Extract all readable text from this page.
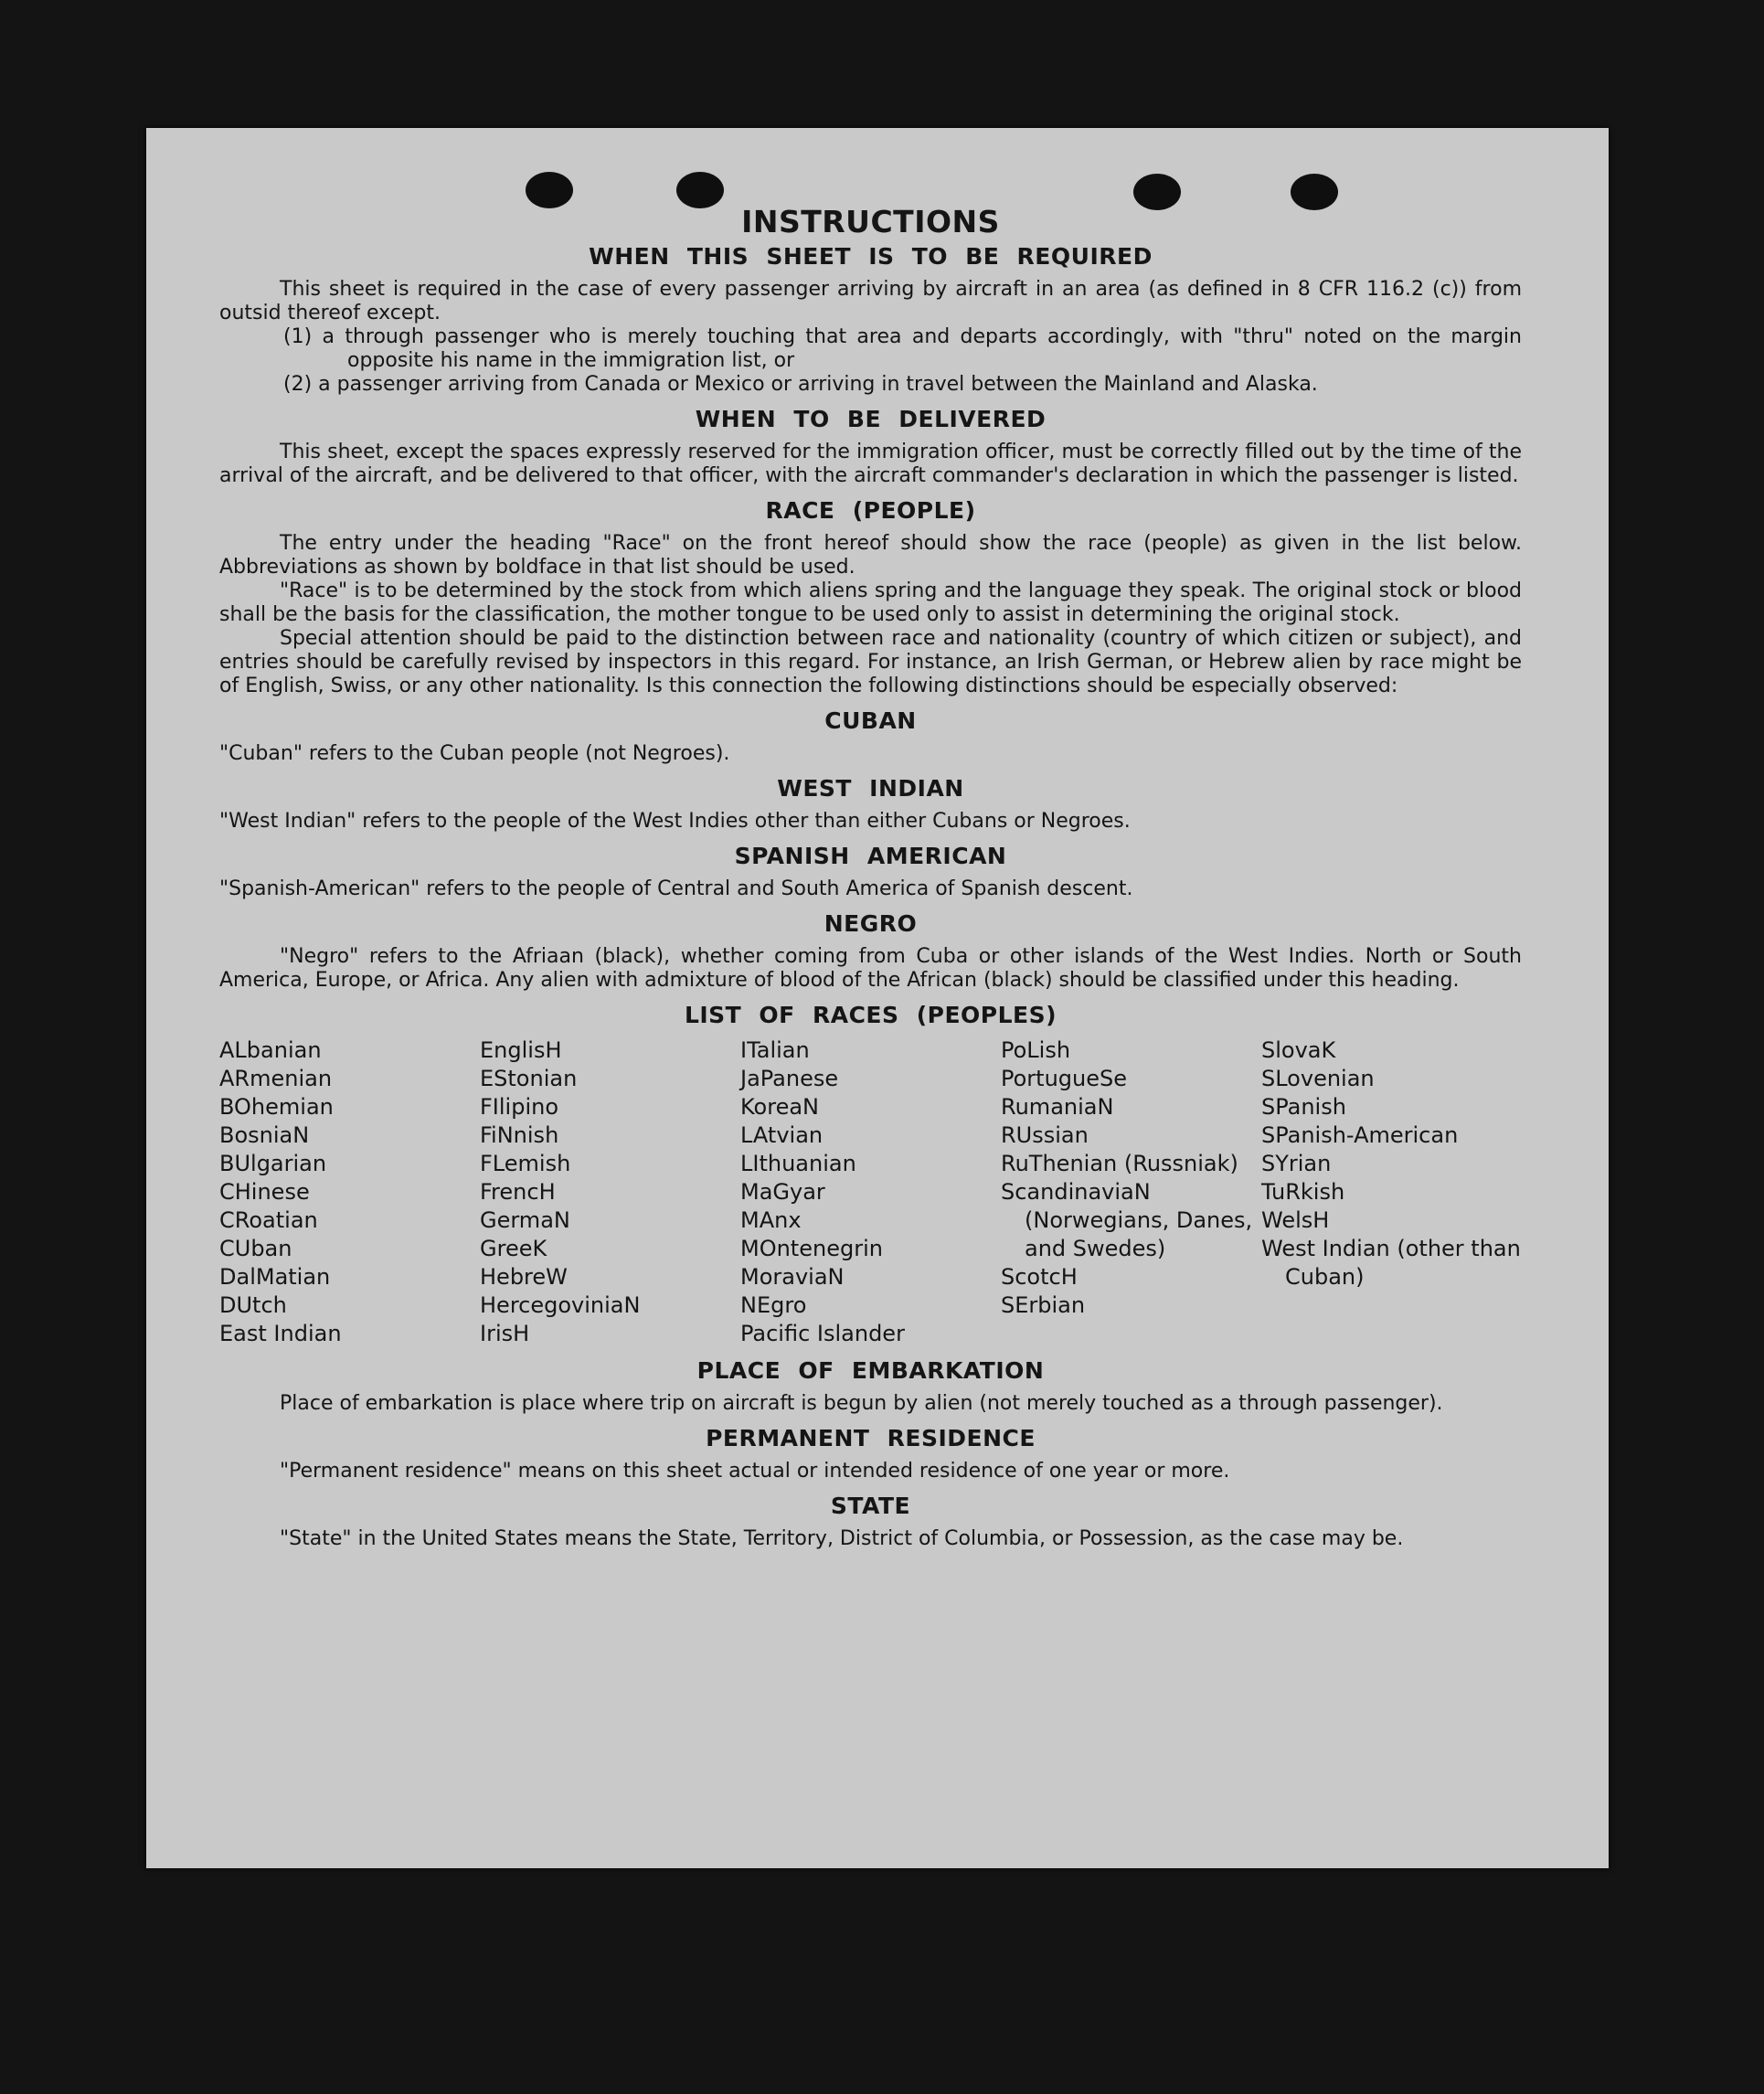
INSTRUCTIONS
WHEN THIS SHEET IS TO BE REQUIRED

This sheet is required in the case of every passenger arriving by aircraft in an area (as defined in 8 CFR 116.2 (c)) from outsid thereof except.

(1) a through passenger who is merely touching that area and departs accordingly, with "thru" noted on the margin opposite his name in the immigration list, or
(2) a passenger arriving from Canada or Mexico or arriving in travel between the Mainland and Alaska.
WHEN TO BE DELIVERED

This sheet, except the spaces expressly reserved for the immigration officer, must be correctly filled out by the time of the arrival of the aircraft, and be delivered to that officer, with the aircraft commander's declaration in which the passenger is listed.

RACE (PEOPLE)

The entry under the heading "Race" on the front hereof should show the race (people) as given in the list below. Abbreviations as shown by boldface in that list should be used.

"Race" is to be determined by the stock from which aliens spring and the language they speak. The original stock or blood shall be the basis for the classification, the mother tongue to be used only to assist in determining the original stock.

Special attention should be paid to the distinction between race and nationality (country of which citizen or subject), and entries should be carefully revised by inspectors in this regard. For instance, an Irish German, or Hebrew alien by race might be of English, Swiss, or any other nationality. Is this connection the following distinctions should be especially observed:

CUBAN

"Cuban" refers to the Cuban people (not Negroes).

WEST INDIAN

"West Indian" refers to the people of the West Indies other than either Cubans or Negroes.

SPANISH AMERICAN

"Spanish-American" refers to the people of Central and South America of Spanish descent.

NEGRO

"Negro" refers to the Afriaan (black), whether coming from Cuba or other islands of the West Indies. North or South America, Europe, or Africa. Any alien with admixture of blood of the African (black) should be classified under this heading.

LIST OF RACES (PEOPLES)
ALbanian
ARmenian
BOhemian
BosniaN
BUlgarian
CHinese
CRoatian
CUban
DalMatian
DUtch
East Indian
EnglisH
EStonian
FIlipino
FiNnish
FLemish
FrencH
GermaN
GreeK
HebreW
HercegoviniaN
IrisH
ITalian
JaPanese
KoreaN
LAtvian
LIthuanian
MaGyar
MAnx
MOntenegrin
MoraviaN
NEgro
Pacific Islander
PoLish
PortugueSe
RumaniaN
RUssian
RuThenian (Russniak)
ScandinaviaN (Norwegians, Danes, and Swedes)
ScotcH
SErbian
SlovaK
SLovenian
SPanish
SPanish-American
SYrian
TuRkish
WelsH
West Indian (other than Cuban)
PLACE OF EMBARKATION

Place of embarkation is place where trip on aircraft is begun by alien (not merely touched as a through passenger).

PERMANENT RESIDENCE

"Permanent residence" means on this sheet actual or intended residence of one year or more.

STATE

"State" in the United States means the State, Territory, District of Columbia, or Possession, as the case may be.
